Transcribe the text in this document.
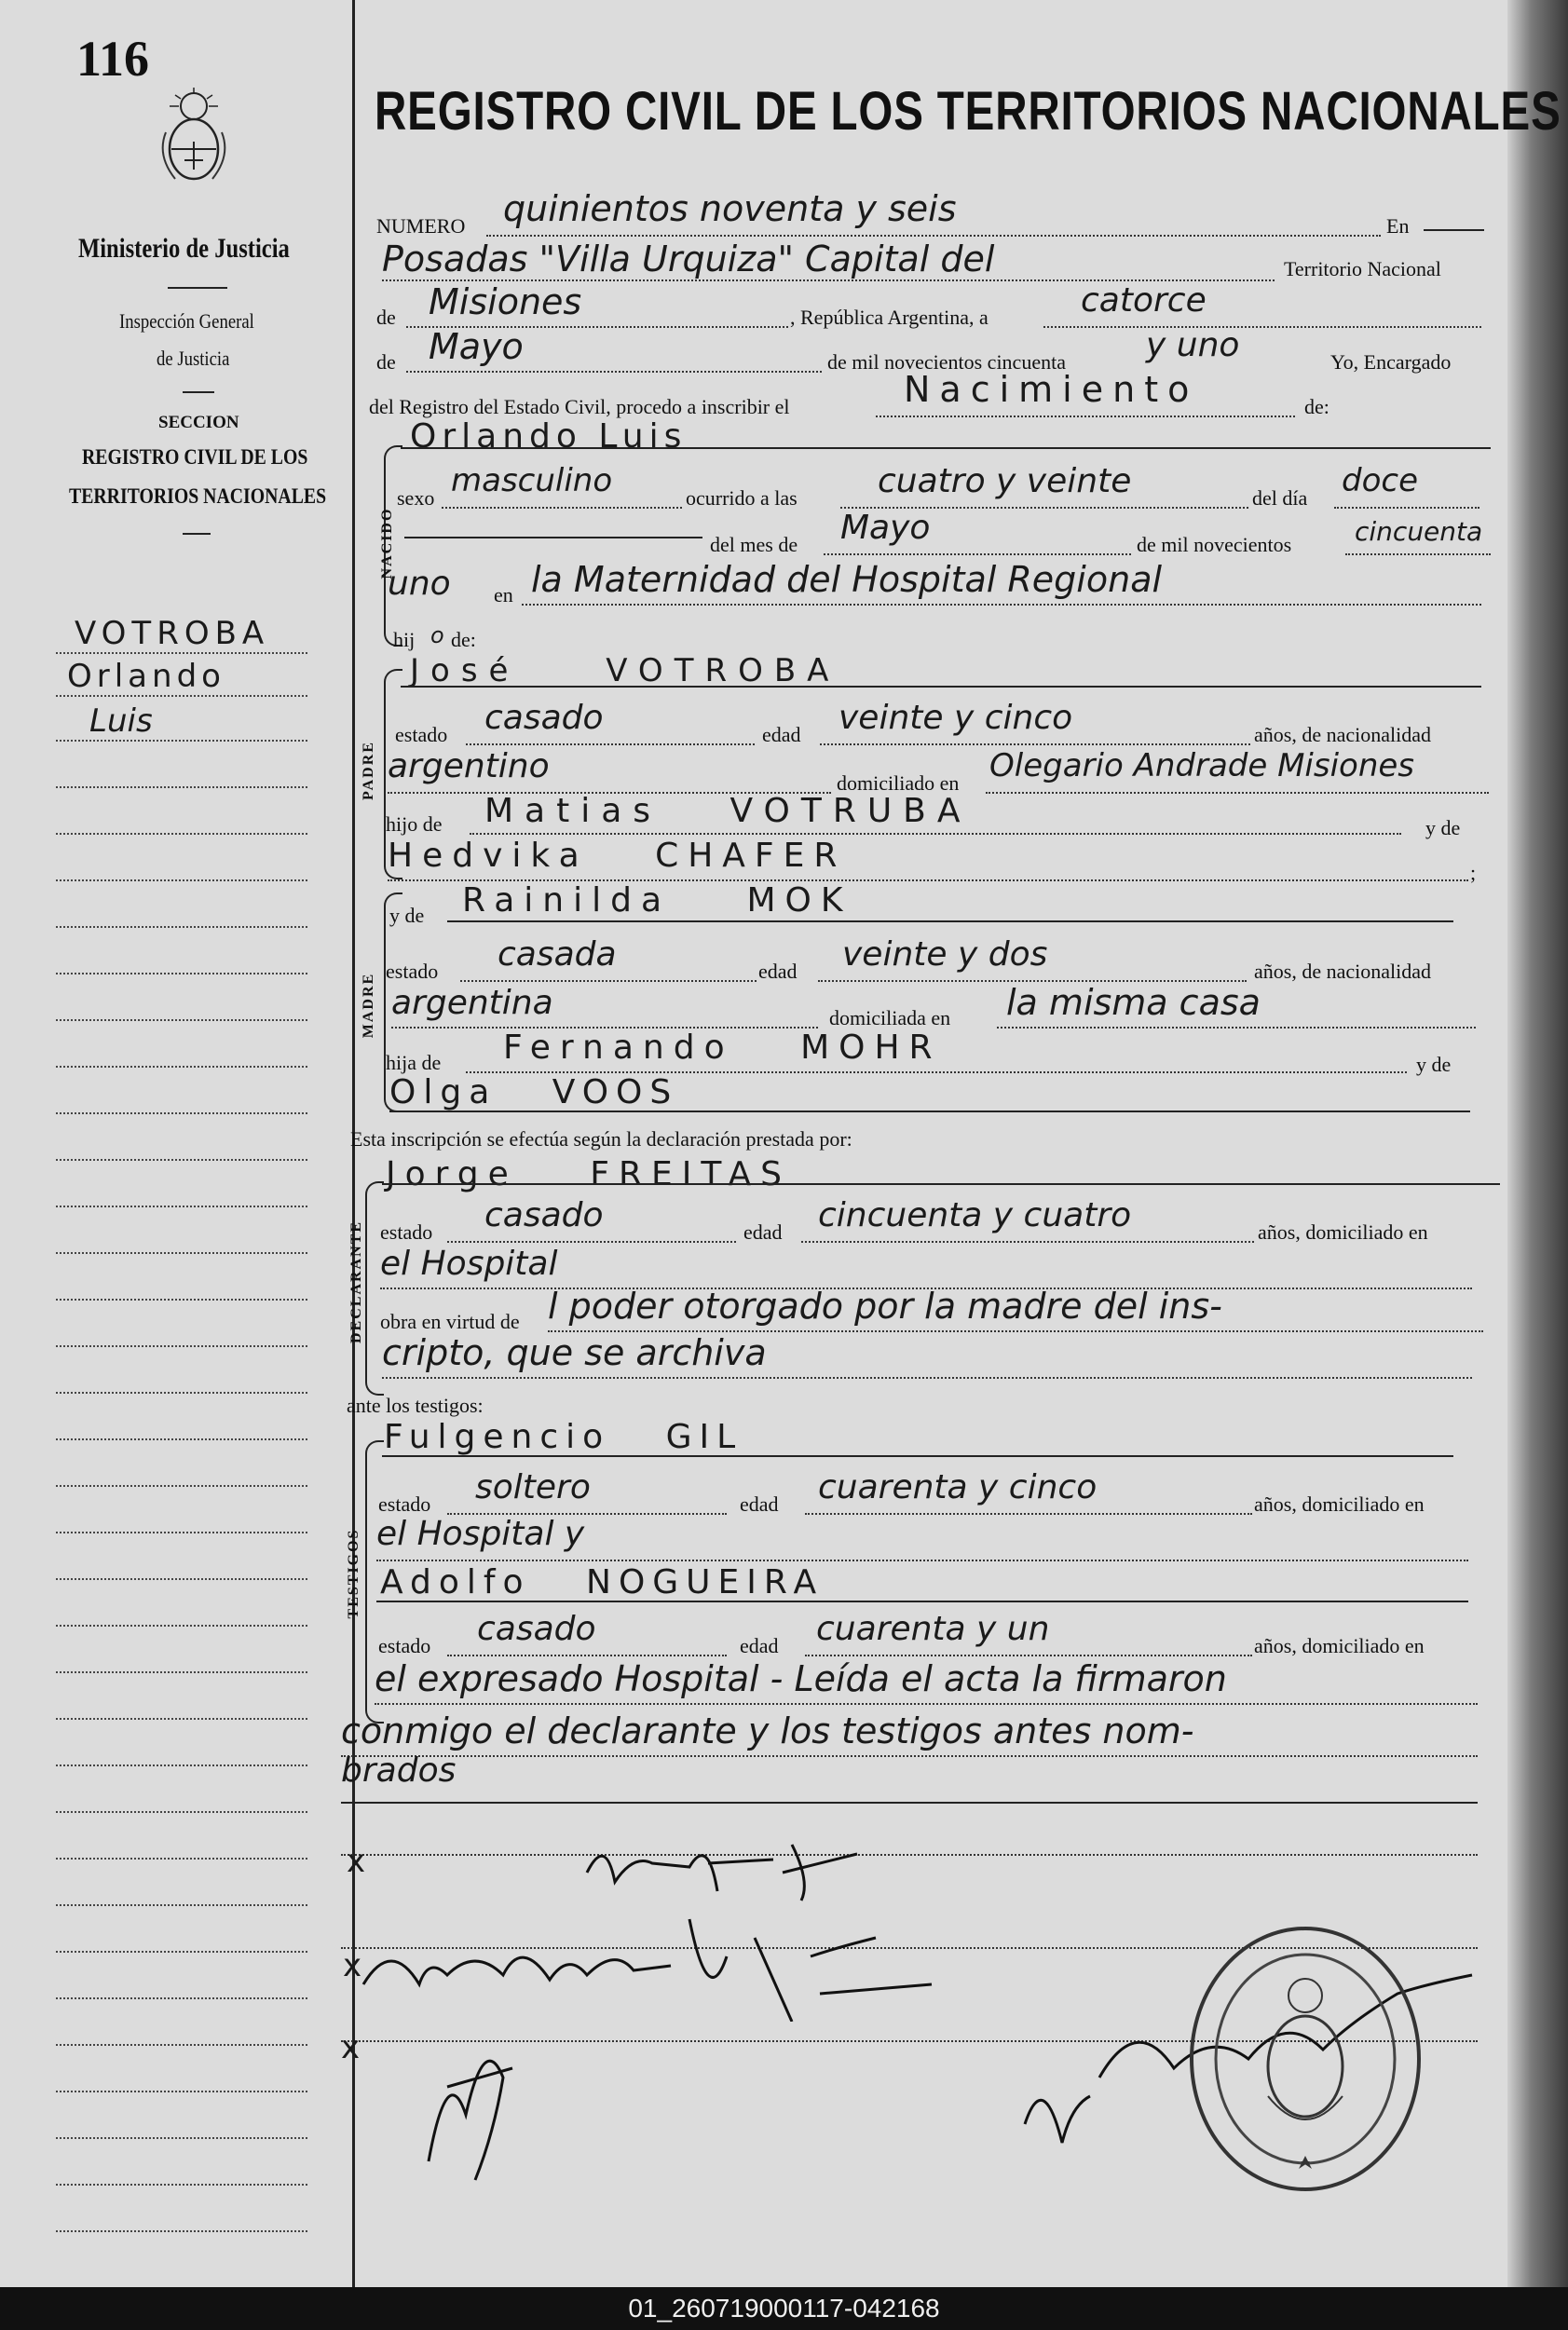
116
Ministerio de Justicia
Inspección General
de Justicia
SECCION
REGISTRO CIVIL DE LOS
TERRITORIOS NACIONALES
VOTROBA
Orlando
Luis
REGISTRO CIVIL DE LOS TERRITORIOS NACIONALES
NUMERO quinientos noventa y seis	En
Posadas "Villa Urquiza" Capital del	Territorio Nacional
de Misiones	, República Argentina, a	catorce
de Mayo	de mil novecientos cincuenta y uno	Yo, Encargado
del Registro del Estado Civil, procedo a inscribir el	Nacimiento	de:
NACIDO
Orlando Luis
sexo masculino	ocurrido a las cuatro y veinte	del día doce
del mes de Mayo	de mil novecientos cincuenta
uno en la Maternidad del Hospital Regional
hij o de:
PADRE
José VOTROBA
estado casado	edad veinte y cinco	años, de nacionalidad
argentino	domiciliado en Olegario Andrade Misiones
hijo de Matias VOTRUBA	y de
Hedvika CHAFER	;
MADRE
y de Rainilda MOK
estado casada	edad veinte y dos	años, de nacionalidad
argentina	domiciliada en la misma casa
hija de Fernando MOHR	y de
Olga VOOS
Esta inscripción se efectúa según la declaración prestada por:
DECLARANTE
Jorge FREITAS
estado casado	edad cincuenta y cuatro	años, domiciliado en
el Hospital
obra en virtud de l poder otorgado por la madre del ins-
cripto, que se archiva
ante los testigos:
TESTIGOS
Fulgencio GIL
estado soltero	edad cuarenta y cinco	años, domiciliado en
el Hospital y
Adolfo NOGUEIRA
estado casado	edad cuarenta y un	años, domiciliado en
el expresado Hospital - Leída el acta la firmaron
conmigo el declarante y los testigos antes nom-
brados
x
x
x
01_260719000117-042168
